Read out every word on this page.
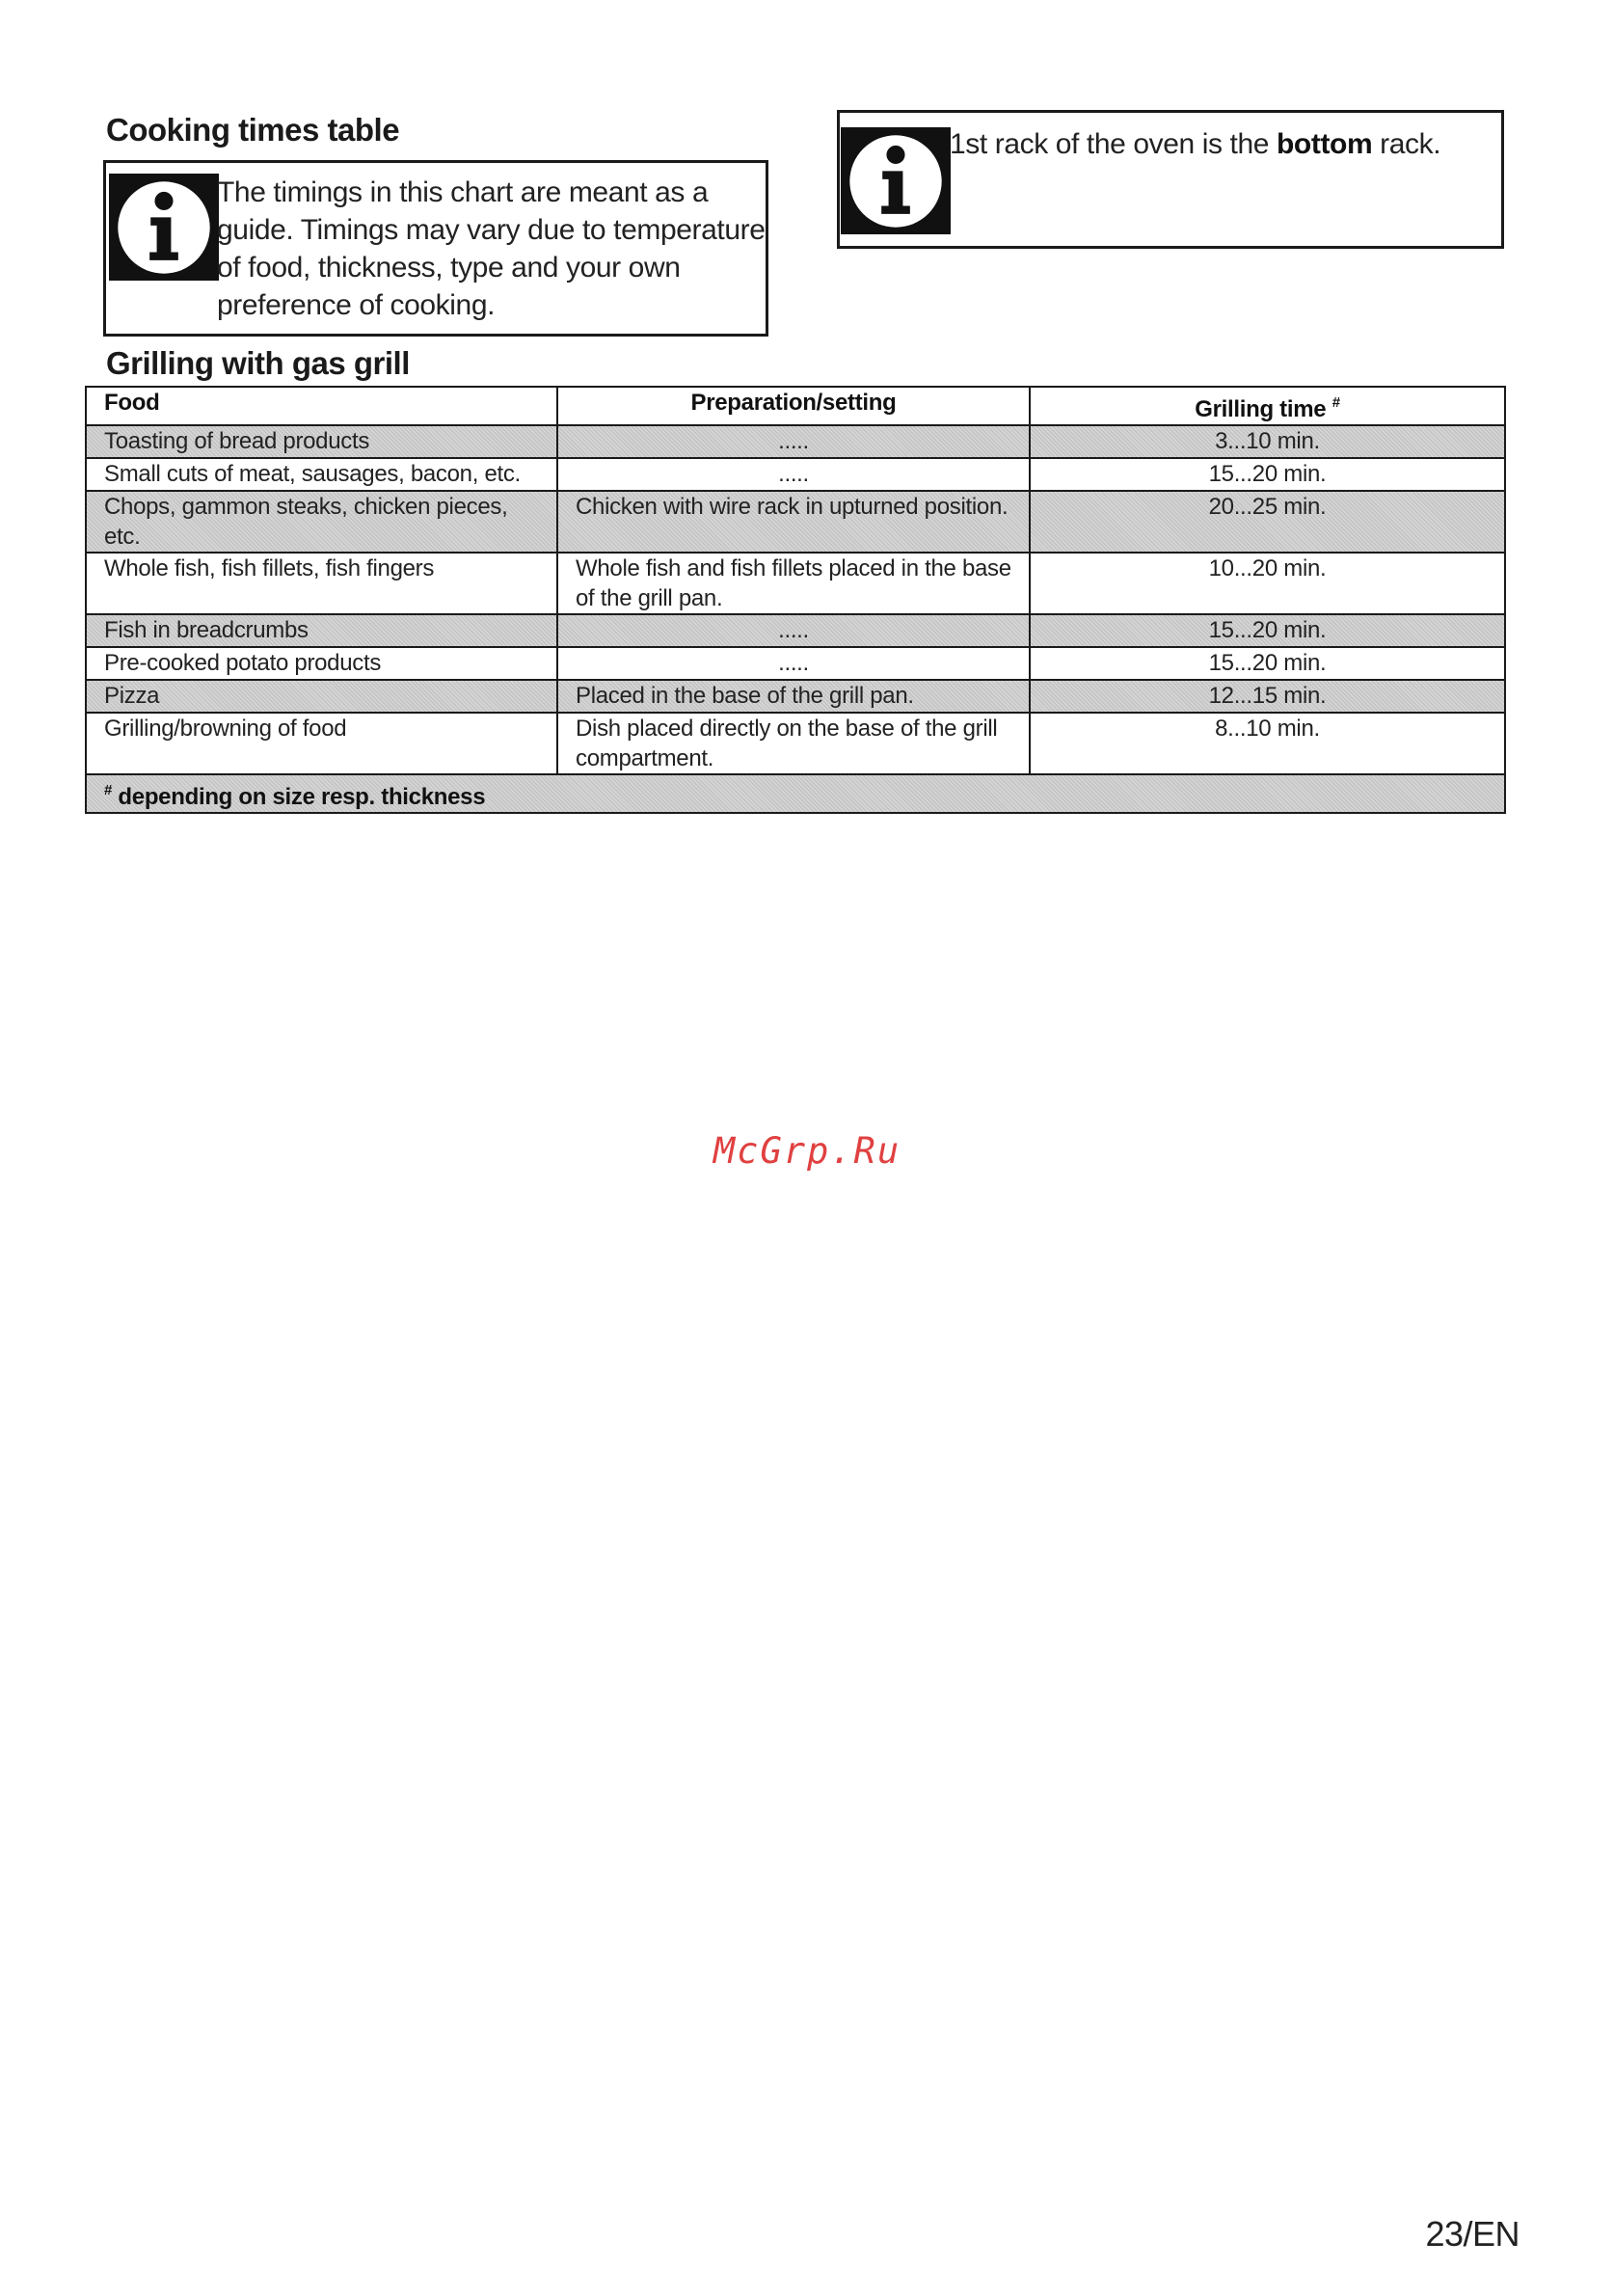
Cooking times table
The timings in this chart are meant as a guide. Timings may vary due to temperature of food, thickness, type and your own preference of cooking.
1st rack of the oven is the bottom rack.
Grilling with gas grill
Food	Preparation/setting	Grilling time #
Toasting of bread products	.....	3...10 min.
Small cuts of meat, sausages, bacon, etc.	.....	15...20 min.
Chops, gammon steaks, chicken pieces, etc.	Chicken with wire rack in upturned position.	20...25 min.
Whole fish, fish fillets, fish fingers	Whole fish and fish fillets placed in the base of the grill pan.	10...20 min.
Fish in breadcrumbs	.....	15...20 min.
Pre-cooked potato products	.....	15...20 min.
Pizza	Placed in the base of the grill pan.	12...15 min.
Grilling/browning of food	Dish placed directly on the base of the grill compartment.	8...10 min.
# depending on size resp. thickness		
McGrp.Ru
23/EN
